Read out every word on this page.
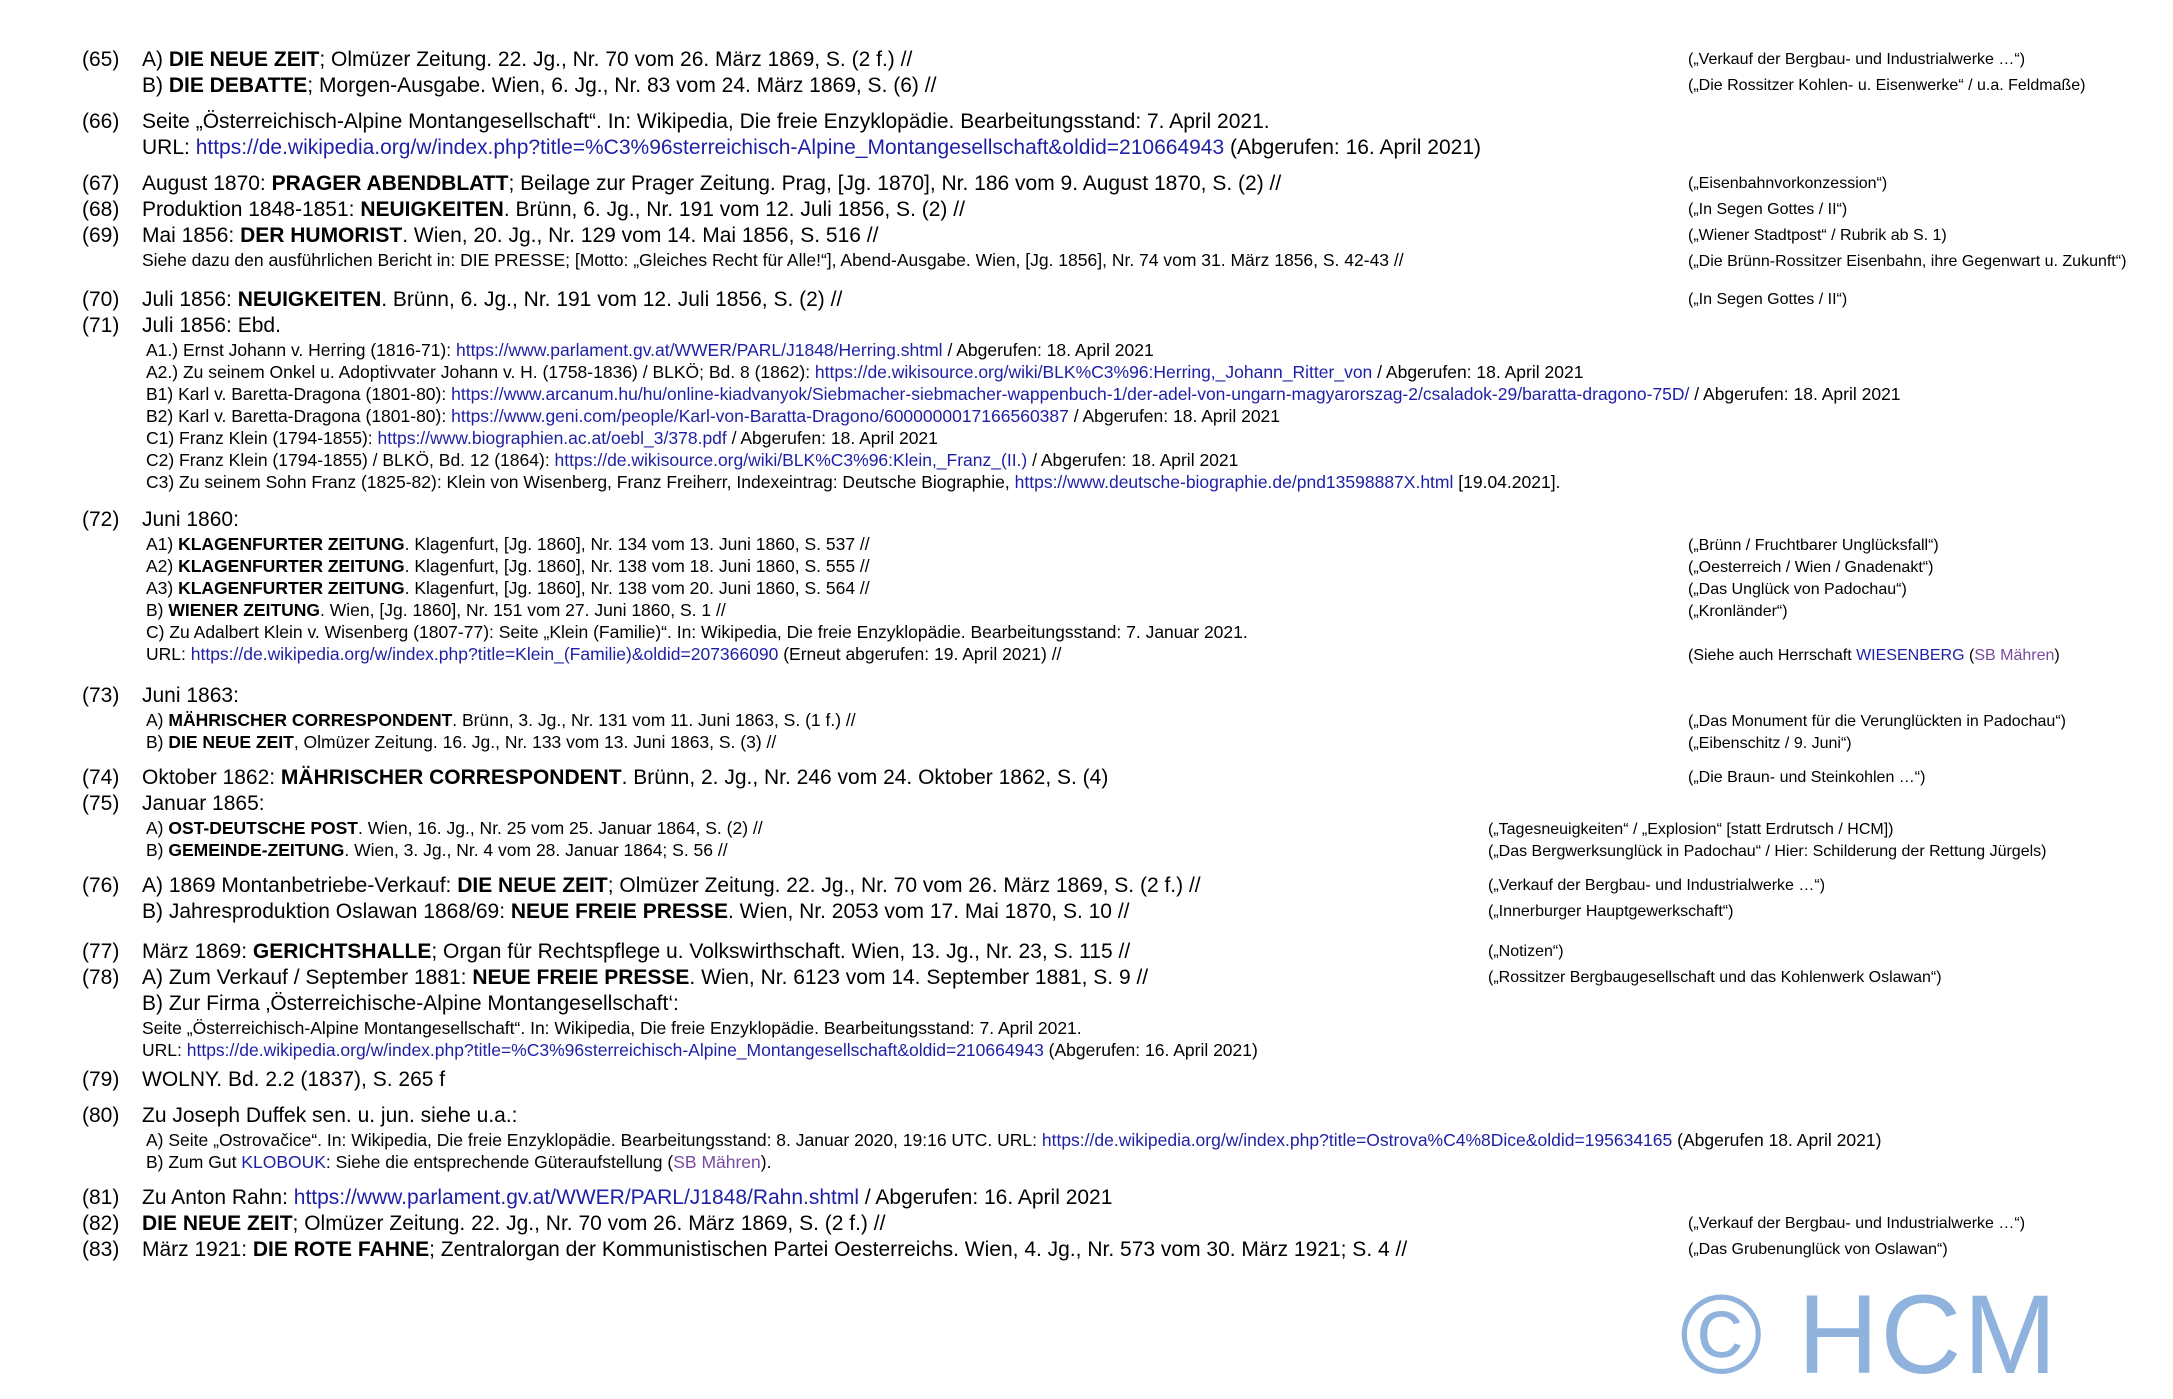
(65) A) DIE NEUE ZEIT; Olmüzer Zeitung. 22. Jg., Nr. 70 vom 26. März 1869, S. (2 f.) //	(„Verkauf der Bergbau- und Industrialwerke …“)
B) DIE DEBATTE; Morgen-Ausgabe. Wien, 6. Jg., Nr. 83 vom 24. März 1869, S. (6) //	(„Die Rossitzer Kohlen- u. Eisenwerke“ / u.a. Feldmaße)
(66) Seite „Österreichisch-Alpine Montangesellschaft“. In: Wikipedia, Die freie Enzyklopädie. Bearbeitungsstand: 7. April 2021.
URL: https://de.wikipedia.org/w/index.php?title=%C3%96sterreichisch-Alpine_Montangesellschaft&oldid=210664943 (Abgerufen: 16. April 2021)
(67) August 1870: PRAGER ABENDBLATT; Beilage zur Prager Zeitung. Prag, [Jg. 1870], Nr. 186 vom 9. August 1870, S. (2) //	(„Eisenbahnvorkonzession“)
(68) Produktion 1848-1851: NEUIGKEITEN. Brünn, 6. Jg., Nr. 191 vom 12. Juli 1856, S. (2) //	(„In Segen Gottes / II“)
(69) Mai 1856: DER HUMORIST. Wien, 20. Jg., Nr. 129 vom 14. Mai 1856, S. 516 //	(„Wiener Stadtpost“ / Rubrik ab S. 1)
Siehe dazu den ausführlichen Bericht in: DIE PRESSE; [Motto: „Gleiches Recht für Alle!“], Abend-Ausgabe. Wien, [Jg. 1856], Nr. 74 vom 31. März 1856, S. 42-43 //	(„Die Brünn-Rossitzer Eisenbahn, ihre Gegenwart u. Zukunft“)
(70) Juli 1856: NEUIGKEITEN. Brünn, 6. Jg., Nr. 191 vom 12. Juli 1856, S. (2) //	(„In Segen Gottes / II“)
(71) Juli 1856: Ebd.
A1.) Ernst Johann v. Herring (1816-71): https://www.parlament.gv.at/WWER/PARL/J1848/Herring.shtml / Abgerufen: 18. April 2021
A2.) Zu seinem Onkel u. Adoptivvater Johann v. H. (1758-1836) / BLKÖ; Bd. 8 (1862): https://de.wikisource.org/wiki/BLK%C3%96:Herring,_Johann_Ritter_von / Abgerufen: 18. April 2021
B1) Karl v. Baretta-Dragona (1801-80): https://www.arcanum.hu/hu/online-kiadvanyok/Siebmacher-siebmacher-wappenbuch-1/der-adel-von-ungarn-magyarorszag-2/csaladok-29/baratta-dragono-75D/ / Abgerufen: 18. April 2021
B2) Karl v. Baretta-Dragona (1801-80): https://www.geni.com/people/Karl-von-Baratta-Dragono/6000000017166560387 / Abgerufen: 18. April 2021
C1) Franz Klein (1794-1855): https://www.biographien.ac.at/oebl_3/378.pdf / Abgerufen: 18. April 2021
C2) Franz Klein (1794-1855) / BLKÖ, Bd. 12 (1864): https://de.wikisource.org/wiki/BLK%C3%96:Klein,_Franz_(II.) / Abgerufen: 18. April 2021
C3) Zu seinem Sohn Franz (1825-82): Klein von Wisenberg, Franz Freiherr, Indexeintrag: Deutsche Biographie, https://www.deutsche-biographie.de/pnd13598887X.html [19.04.2021].
(72) Juni 1860:
A1) KLAGENFURTER ZEITUNG. Klagenfurt, [Jg. 1860], Nr. 134 vom 13. Juni 1860, S. 537 //	(„Brünn / Fruchtbarer Unglücksfall“)
A2) KLAGENFURTER ZEITUNG. Klagenfurt, [Jg. 1860], Nr. 138 vom 18. Juni 1860, S. 555 //	(„Oesterreich / Wien / Gnadenakt“)
A3) KLAGENFURTER ZEITUNG. Klagenfurt, [Jg. 1860], Nr. 138 vom 20. Juni 1860, S. 564 //	(„Das Unglück von Padochau“)
B) WIENER ZEITUNG. Wien, [Jg. 1860], Nr. 151 vom 27. Juni 1860, S. 1 //	(„Kronländer“)
C) Zu Adalbert Klein v. Wisenberg (1807-77): Seite „Klein (Familie)“. In: Wikipedia, Die freie Enzyklopädie. Bearbeitungsstand: 7. Januar 2021.
URL: https://de.wikipedia.org/w/index.php?title=Klein_(Familie)&oldid=207366090 (Erneut abgerufen: 19. April 2021) //	(Siehe auch Herrschaft WIESENBERG (SB Mähren)
(73) Juni 1863:
A) MÄHRISCHER CORRESPONDENT. Brünn, 3. Jg., Nr. 131 vom 11. Juni 1863, S. (1 f.) //	(„Das Monument für die Verunglückten in Padochau“)
B) DIE NEUE ZEIT, Olmüzer Zeitung. 16. Jg., Nr. 133 vom 13. Juni 1863, S. (3) //	(„Eibenschitz / 9. Juni“)
(74) Oktober 1862: MÄHRISCHER CORRESPONDENT. Brünn, 2. Jg., Nr. 246 vom 24. Oktober 1862, S. (4)	(„Die Braun- und Steinkohlen …“)
(75) Januar 1865:
A) OST-DEUTSCHE POST. Wien, 16. Jg., Nr. 25 vom 25. Januar 1864, S. (2) //	(„Tagesneuigkeiten“ / „Explosion“ [statt Erdrutsch / HCM])
B) GEMEINDE-ZEITUNG. Wien, 3. Jg., Nr. 4 vom 28. Januar 1864; S. 56 //	(„Das Bergwerksunglück in Padochau“ / Hier: Schilderung der Rettung Jürgels)
(76) A) 1869 Montanbetriebe-Verkauf: DIE NEUE ZEIT; Olmüzer Zeitung. 22. Jg., Nr. 70 vom 26. März 1869, S. (2 f.) //	(„Verkauf der Bergbau- und Industrialwerke …“)
B) Jahresproduktion Oslawan 1868/69: NEUE FREIE PRESSE. Wien, Nr. 2053 vom 17. Mai 1870, S. 10 //	(„Innerburger Hauptgewerkschaft“)
(77) März 1869: GERICHTSHALLE; Organ für Rechtspflege u. Volkswirthschaft. Wien, 13. Jg., Nr. 23, S. 115 //	(„Notizen“)
(78) A) Zum Verkauf / September 1881: NEUE FREIE PRESSE. Wien, Nr. 6123 vom 14. September 1881, S. 9 //	(„Rossitzer Bergbaugesellschaft und das Kohlenwerk Oslawan“)
B) Zur Firma ‚Österreichische-Alpine Montangesellschaft‘:
Seite „Österreichisch-Alpine Montangesellschaft“. In: Wikipedia, Die freie Enzyklopädie. Bearbeitungsstand: 7. April 2021.
URL: https://de.wikipedia.org/w/index.php?title=%C3%96sterreichisch-Alpine_Montangesellschaft&oldid=210664943 (Abgerufen: 16. April 2021)
(79) WOLNY. Bd. 2.2 (1837), S. 265 f
(80) Zu Joseph Duffek sen. u. jun. siehe u.a.:
A) Seite „Ostrovačice“. In: Wikipedia, Die freie Enzyklopädie. Bearbeitungsstand: 8. Januar 2020, 19:16 UTC. URL: https://de.wikipedia.org/w/index.php?title=Ostrova%C4%8Dice&oldid=195634165 (Abgerufen 18. April 2021)
B) Zum Gut KLOBOUK: Siehe die entsprechende Güteraufstellung (SB Mähren).
(81) Zu Anton Rahn: https://www.parlament.gv.at/WWER/PARL/J1848/Rahn.shtml / Abgerufen: 16. April 2021
(82) DIE NEUE ZEIT; Olmüzer Zeitung. 22. Jg., Nr. 70 vom 26. März 1869, S. (2 f.) //	(„Verkauf der Bergbau- und Industrialwerke …“)
(83) März 1921: DIE ROTE FAHNE; Zentralorgan der Kommunistischen Partei Oesterreichs. Wien, 4. Jg., Nr. 573 vom 30. März 1921; S. 4 //	(„Das Grubenunglück von Oslawan“)
© HCM
